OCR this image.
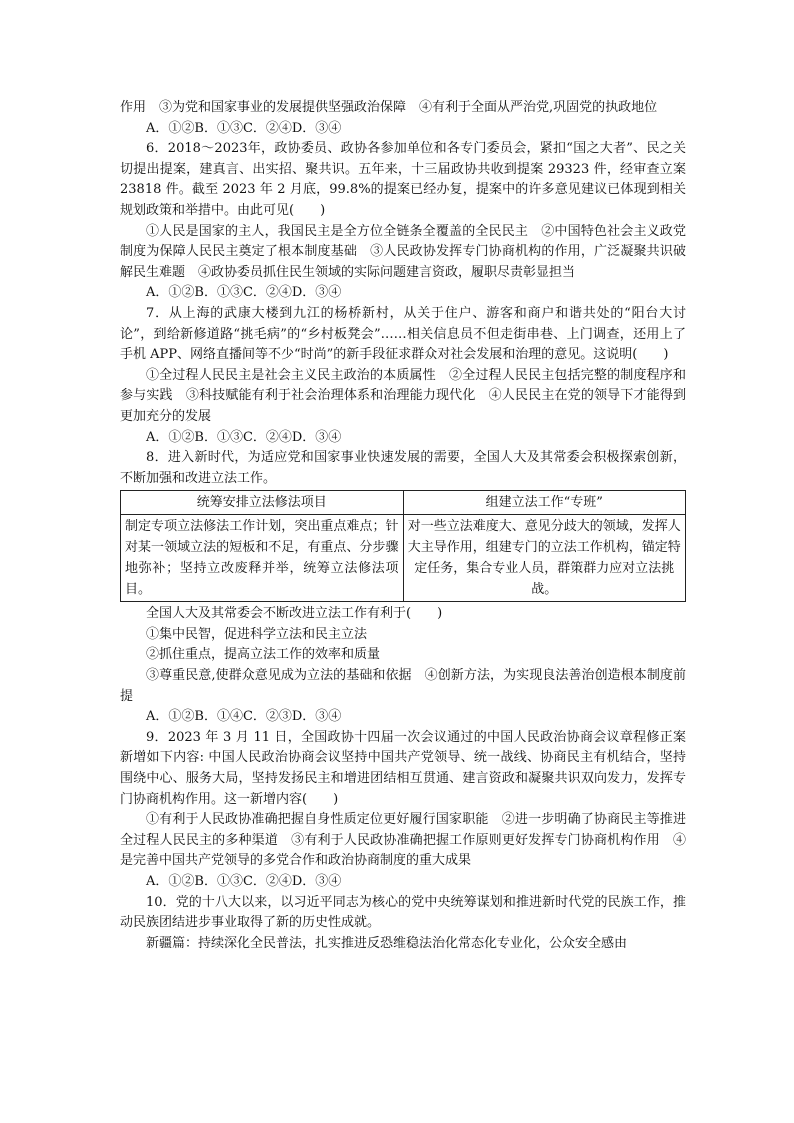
作用　③为党和国家事业的发展提供坚强政治保障　④有利于全面从严治党,巩固党的执政地位

A．①②B．①③C．②④D．③④

6．2018～2023年，政协委员、政协各参加单位和各专门委员会，紧扣“国之大者”、民之关切提出提案，建真言、出实招、聚共识。五年来，十三届政协共收到提案 29323 件，经审查立案 23818 件。截至 2023 年 2 月底，99.8%的提案已经办复，提案中的许多意见建议已体现到相关规划政策和举措中。由此可见(　　)

①人民是国家的主人，我国民主是全方位全链条全覆盖的全民民主　②中国特色社会主义政党制度为保障人民民主奠定了根本制度基础　③人民政协发挥专门协商机构的作用，广泛凝聚共识破解民生难题　④政协委员抓住民生领域的实际问题建言资政，履职尽责彰显担当

A．①②B．①③C．②④D．③④

7．从上海的武康大楼到九江的杨桥新村，从关于住户、游客和商户和谐共处的“阳台大讨论”，到给新修道路“挑毛病”的“乡村板凳会”……相关信息员不但走街串巷、上门调查，还用上了手机 APP、网络直播间等不少“时尚”的新手段征求群众对社会发展和治理的意见。这说明(　　)

①全过程人民民主是社会主义民主政治的本质属性　②全过程人民民主包括完整的制度程序和参与实践　③科技赋能有利于社会治理体系和治理能力现代化　④人民民主在党的领导下才能得到更加充分的发展

A．①②B．①③C．②④D．③④

8．进入新时代，为适应党和国家事业快速发展的需要，全国人大及其常委会积极探索创新，不断加强和改进立法工作。

统筹安排立法修法项目	组建立法工作“专班”
制定专项立法修法工作计划，突出重点难点；针对某一领域立法的短板和不足，有重点、分步骤地弥补；坚持立改废释并举，统筹立法修法项目。	对一些立法难度大、意见分歧大的领域，发挥人大主导作用，组建专门的立法工作机构，锚定特定任务，集合专业人员，群策群力应对立法挑战。

全国人大及其常委会不断改进立法工作有利于(　　)

①集中民智，促进科学立法和民主立法

②抓住重点，提高立法工作的效率和质量

③尊重民意,使群众意见成为立法的基础和依据　④创新方法，为实现良法善治创造根本制度前提

A．①②B．①④C．②③D．③④

9．2023 年 3 月 11 日，全国政协十四届一次会议通过的中国人民政治协商会议章程修正案新增如下内容: 中国人民政治协商会议坚持中国共产党领导、统一战线、协商民主有机结合，坚持围绕中心、服务大局，坚持发扬民主和增进团结相互贯通、建言资政和凝聚共识双向发力，发挥专门协商机构作用。这一新增内容(　　)

①有利于人民政协准确把握自身性质定位更好履行国家职能　②进一步明确了协商民主等推进全过程人民民主的多种渠道　③有利于人民政协准确把握工作原则更好发挥专门协商机构作用　④是完善中国共产党领导的多党合作和政治协商制度的重大成果

A．①②B．①③C．②④D．③④

10．党的十八大以来，以习近平同志为核心的党中央统筹谋划和推进新时代党的民族工作，推动民族团结进步事业取得了新的历史性成就。

新疆篇：持续深化全民普法，扎实推进反恐维稳法治化常态化专业化，公众安全感由
